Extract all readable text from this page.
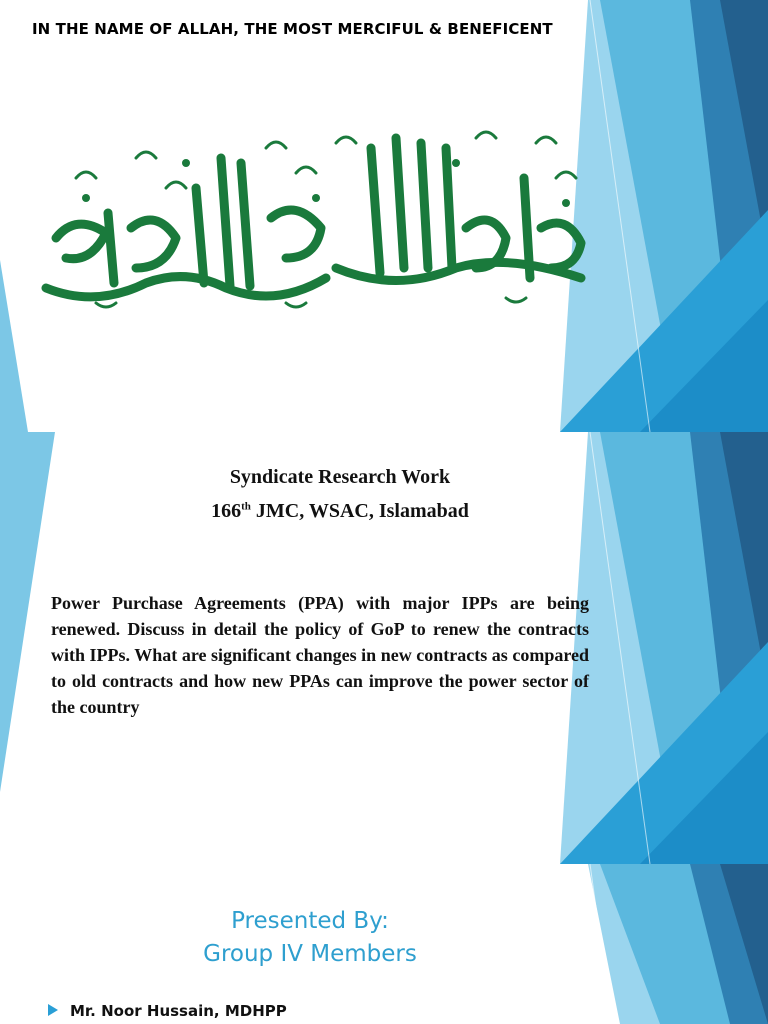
IN THE NAME OF ALLAH, THE MOST MERCIFUL & BENEFICENT
Syndicate Research Work
166th JMC, WSAC, Islamabad
Power Purchase Agreements (PPA) with major IPPs are being renewed. Discuss in detail the policy of GoP to renew the contracts with IPPs. What are significant changes in new contracts as compared to old contracts and how new PPAs can improve the power sector of the country
Presented By:
Group IV Members
Mr. Noor Hussain, MDHPP
